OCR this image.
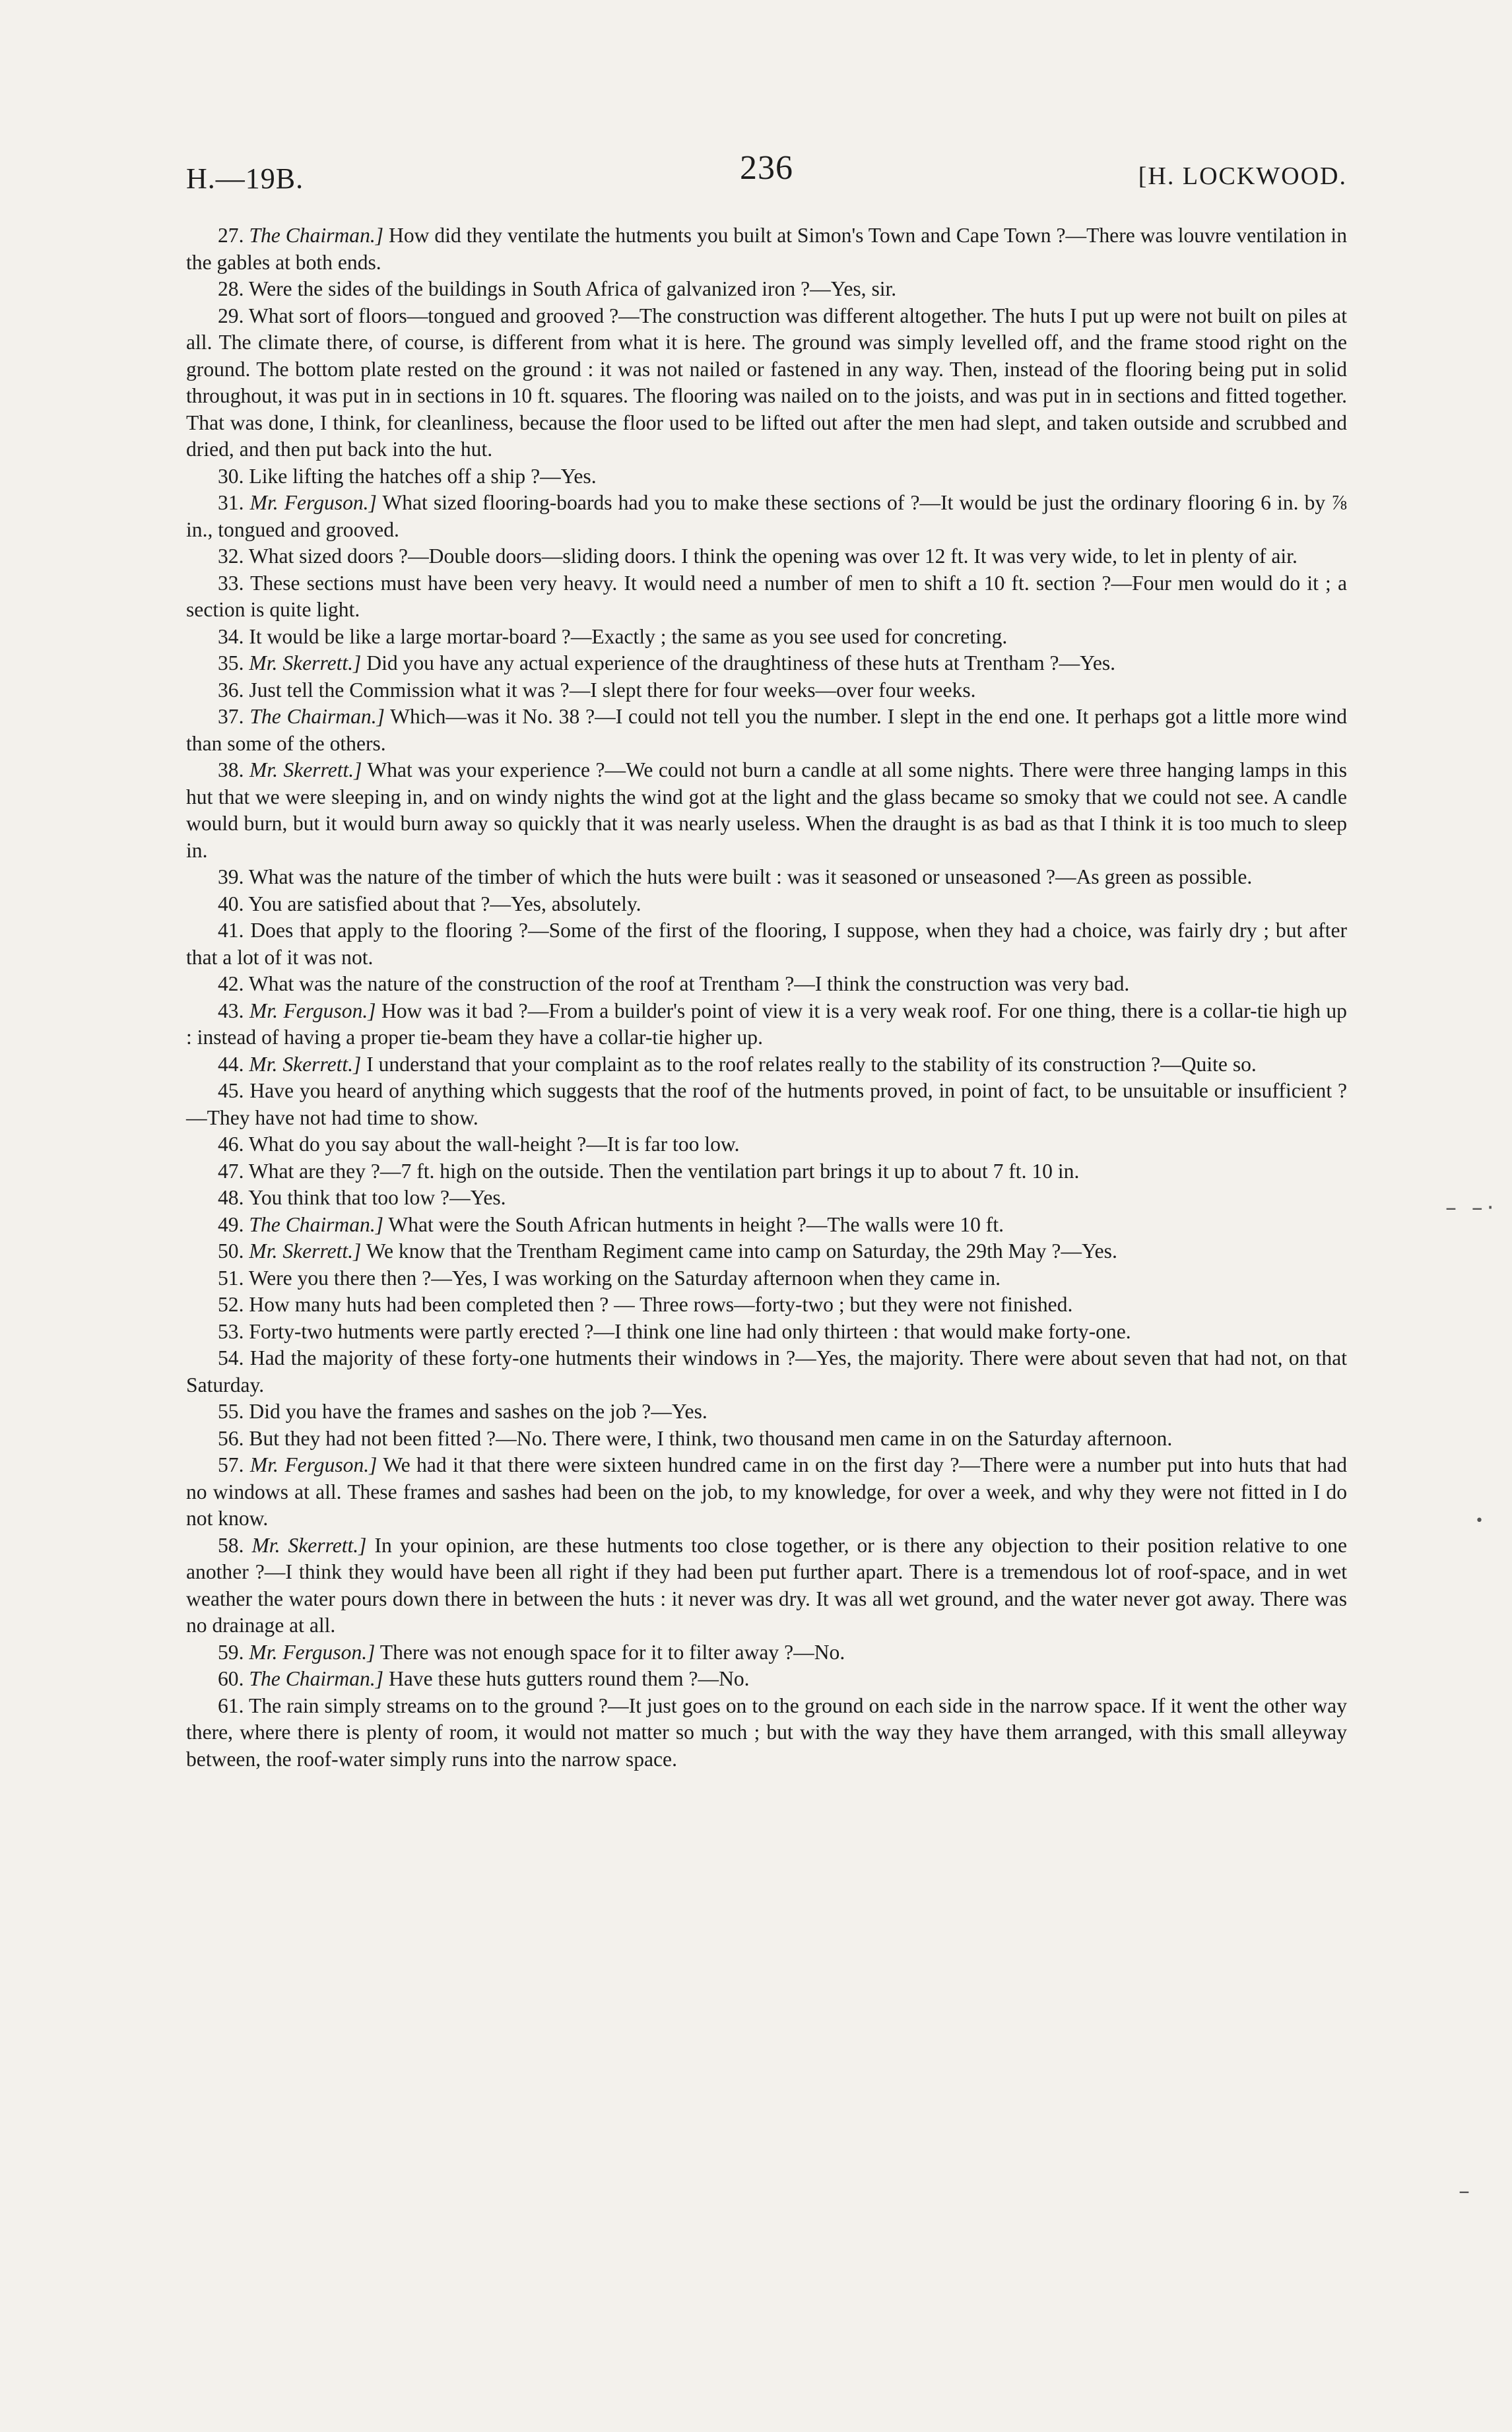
H.—19B.	236	[H. LOCKWOOD.

27. The Chairman.] How did they ventilate the hutments you built at Simon's Town and Cape Town ?—There was louvre ventilation in the gables at both ends.

28. Were the sides of the buildings in South Africa of galvanized iron ?—Yes, sir.

29. What sort of floors—tongued and grooved ?—The construction was different altogether. The huts I put up were not built on piles at all. The climate there, of course, is different from what it is here. The ground was simply levelled off, and the frame stood right on the ground. The bottom plate rested on the ground : it was not nailed or fastened in any way. Then, instead of the flooring being put in solid throughout, it was put in in sections in 10 ft. squares. The flooring was nailed on to the joists, and was put in in sections and fitted together. That was done, I think, for cleanliness, because the floor used to be lifted out after the men had slept, and taken outside and scrubbed and dried, and then put back into the hut.

30. Like lifting the hatches off a ship ?—Yes.

31. Mr. Ferguson.] What sized flooring-boards had you to make these sections of ?—It would be just the ordinary flooring 6 in. by ⅞ in., tongued and grooved.

32. What sized doors ?—Double doors—sliding doors. I think the opening was over 12 ft. It was very wide, to let in plenty of air.

33. These sections must have been very heavy. It would need a number of men to shift a 10 ft. section ?—Four men would do it ; a section is quite light.

34. It would be like a large mortar-board ?—Exactly ; the same as you see used for concreting.

35. Mr. Skerrett.] Did you have any actual experience of the draughtiness of these huts at Trentham ?—Yes.

36. Just tell the Commission what it was ?—I slept there for four weeks—over four weeks.

37. The Chairman.] Which—was it No. 38 ?—I could not tell you the number. I slept in the end one. It perhaps got a little more wind than some of the others.

38. Mr. Skerrett.] What was your experience ?—We could not burn a candle at all some nights. There were three hanging lamps in this hut that we were sleeping in, and on windy nights the wind got at the light and the glass became so smoky that we could not see. A candle would burn, but it would burn away so quickly that it was nearly useless. When the draught is as bad as that I think it is too much to sleep in.

39. What was the nature of the timber of which the huts were built : was it seasoned or unseasoned ?—As green as possible.

40. You are satisfied about that ?—Yes, absolutely.

41. Does that apply to the flooring ?—Some of the first of the flooring, I suppose, when they had a choice, was fairly dry ; but after that a lot of it was not.

42. What was the nature of the construction of the roof at Trentham ?—I think the construction was very bad.

43. Mr. Ferguson.] How was it bad ?—From a builder's point of view it is a very weak roof. For one thing, there is a collar-tie high up : instead of having a proper tie-beam they have a collar-tie higher up.

44. Mr. Skerrett.] I understand that your complaint as to the roof relates really to the stability of its construction ?—Quite so.

45. Have you heard of anything which suggests that the roof of the hutments proved, in point of fact, to be unsuitable or insufficient ?—They have not had time to show.

46. What do you say about the wall-height ?—It is far too low.

47. What are they ?—7 ft. high on the outside. Then the ventilation part brings it up to about 7 ft. 10 in.

48. You think that too low ?—Yes.

49. The Chairman.] What were the South African hutments in height ?—The walls were 10 ft.

50. Mr. Skerrett.] We know that the Trentham Regiment came into camp on Saturday, the 29th May ?—Yes.

51. Were you there then ?—Yes, I was working on the Saturday afternoon when they came in.

52. How many huts had been completed then ? — Three rows—forty-two ; but they were not finished.

53. Forty-two hutments were partly erected ?—I think one line had only thirteen : that would make forty-one.

54. Had the majority of these forty-one hutments their windows in ?—Yes, the majority. There were about seven that had not, on that Saturday.

55. Did you have the frames and sashes on the job ?—Yes.

56. But they had not been fitted ?—No. There were, I think, two thousand men came in on the Saturday afternoon.

57. Mr. Ferguson.] We had it that there were sixteen hundred came in on the first day ?—There were a number put into huts that had no windows at all. These frames and sashes had been on the job, to my knowledge, for over a week, and why they were not fitted in I do not know.

58. Mr. Skerrett.] In your opinion, are these hutments too close together, or is there any objection to their position relative to one another ?—I think they would have been all right if they had been put further apart. There is a tremendous lot of roof-space, and in wet weather the water pours down there in between the huts : it never was dry. It was all wet ground, and the water never got away. There was no drainage at all.

59. Mr. Ferguson.] There was not enough space for it to filter away ?—No.

60. The Chairman.] Have these huts gutters round them ?—No.

61. The rain simply streams on to the ground ?—It just goes on to the ground on each side in the narrow space. If it went the other way there, where there is plenty of room, it would not matter so much ; but with the way they have them arranged, with this small alleyway between, the roof-water simply runs into the narrow space.

– –·
•
–
